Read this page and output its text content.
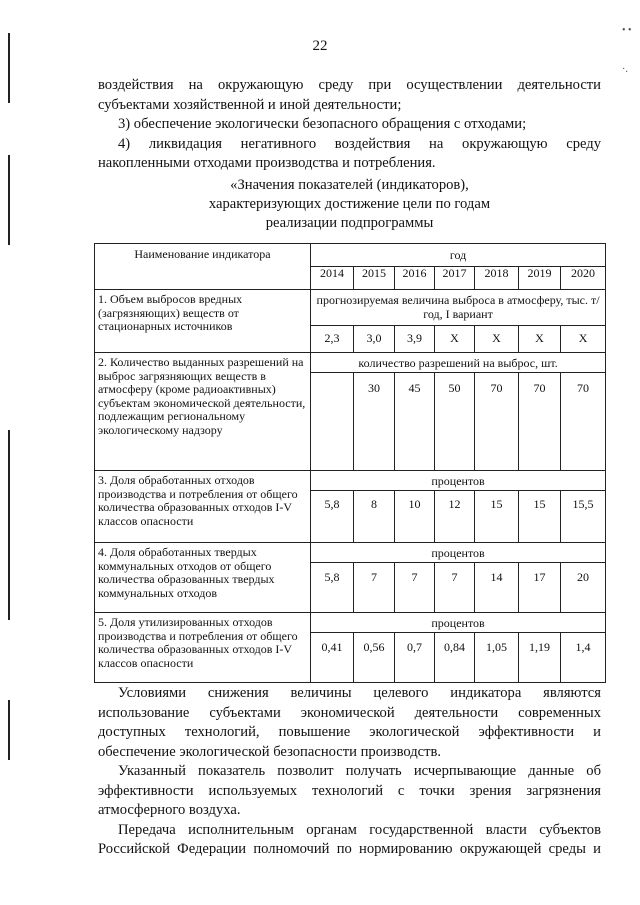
• •
·.
22

воздействия на окружающую среду при осуществлении деятельности

субъектами хозяйственной и иной деятельности;

3) обеспечение экологически безопасного обращения с отходами;

4) ликвидация негативного воздействия на окружающую среду

накопленными отходами производства и потребления.

«Значения показателей (индикаторов),
характеризующих достижение цели по годам
реализации подпрограммы
Наименование индикатора	год						
	2014	2015	2016	2017	2018	2019	2020
1. Объем выбросов вредных (загрязняющих) веществ от стационарных источников	прогнозируемая величина выброса в атмосферу, тыс. т/год, I вариант						
	2,3	3,0	3,9	Х	Х	Х	Х
2. Количество выданных разрешений на выброс загрязняющих веществ в атмосферу (кроме радиоактивных) субъектам экономической деятельности, подлежащим региональному экологическому надзору	количество разрешений на выброс, шт.						
		30	45	50	70	70	70
3. Доля обработанных отходов производства и потребления от общего количества образованных отходов I-V классов опасности	процентов						
	5,8	8	10	12	15	15	15,5
4. Доля обработанных твердых коммунальных отходов от общего количества образованных твердых коммунальных отходов	процентов						
	5,8	7	7	7	14	17	20
5. Доля утилизированных отходов производства и потребления от общего количества образованных отходов I-V классов опасности	процентов						
	0,41	0,56	0,7	0,84	1,05	1,19	1,4

Условиями снижения величины целевого индикатора являются использование субъектами экономической деятельности современных доступных технологий, повышение экологической эффективности и обеспечение экологической безопасности производств.

Указанный показатель позволит получать исчерпывающие данные об эффективности используемых технологий с точки зрения загрязнения атмосферного воздуха.

Передача исполнительным органам государственной власти субъектов Российской Федерации полномочий по нормированию окружающей среды и
